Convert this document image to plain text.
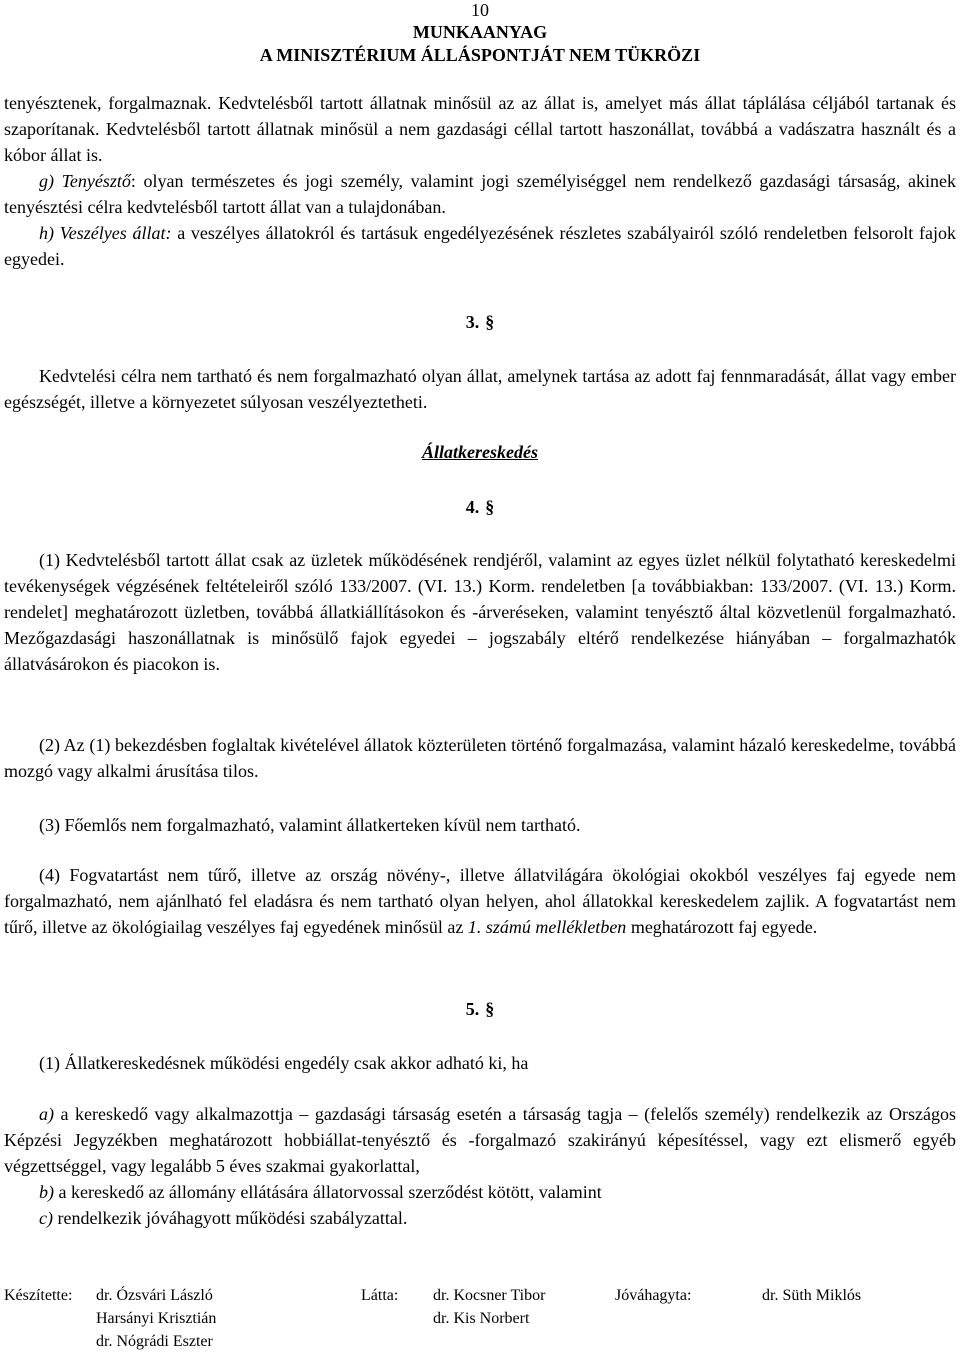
10
MUNKAANYAG
A MINISZTÉRIUM ÁLLÁSPONTJÁT NEM TÜKRÖZI

tenyésztenek, forgalmaznak. Kedvtelésből tartott állatnak minősül az az állat is, amelyet más állat táplálása céljából tartanak és szaporítanak. Kedvtelésből tartott állatnak minősül a nem gazdasági céllal tartott haszonállat, továbbá a vadászatra használt és a kóbor állat is.

g) Tenyésztő: olyan természetes és jogi személy, valamint jogi személyiséggel nem rendelkező gazdasági társaság, akinek tenyésztési célra kedvtelésből tartott állat van a tulajdonában.

h) Veszélyes állat: a veszélyes állatokról és tartásuk engedélyezésének részletes szabályairól szóló rendeletben felsorolt fajok egyedei.

3. §

Kedvtelési célra nem tartható és nem forgalmazható olyan állat, amelynek tartása az adott faj fennmaradását, állat vagy ember egészségét, illetve a környezetet súlyosan veszélyeztetheti.

Állatkereskedés
4. §

(1) Kedvtelésből tartott állat csak az üzletek működésének rendjéről, valamint az egyes üzlet nélkül folytatható kereskedelmi tevékenységek végzésének feltételeiről szóló 133/2007. (VI. 13.) Korm. rendeletben [a továbbiakban: 133/2007. (VI. 13.) Korm. rendelet] meghatározott üzletben, továbbá állatkiállításokon és -árveréseken, valamint tenyésztő által közvetlenül forgalmazható. Mezőgazdasági haszonállatnak is minősülő fajok egyedei – jogszabály eltérő rendelkezése hiányában – forgalmazhatók állatvásárokon és piacokon is.

(2) Az (1) bekezdésben foglaltak kivételével állatok közterületen történő forgalmazása, valamint házaló kereskedelme, továbbá mozgó vagy alkalmi árusítása tilos.

(3) Főemlős nem forgalmazható, valamint állatkerteken kívül nem tartható.

(4) Fogvatartást nem tűrő, illetve az ország növény-, illetve állatvilágára ökológiai okokból veszélyes faj egyede nem forgalmazható, nem ajánlható fel eladásra és nem tartható olyan helyen, ahol állatokkal kereskedelem zajlik. A fogvatartást nem tűrő, illetve az ökológiailag veszélyes faj egyedének minősül az 1. számú mellékletben meghatározott faj egyede.

5. §

(1) Állatkereskedésnek működési engedély csak akkor adható ki, ha

a) a kereskedő vagy alkalmazottja – gazdasági társaság esetén a társaság tagja – (felelős személy) rendelkezik az Országos Képzési Jegyzékben meghatározott hobbiállat-tenyésztő és -forgalmazó szakirányú képesítéssel, vagy ezt elismerő egyéb végzettséggel, vagy legalább 5 éves szakmai gyakorlattal,

b) a kereskedő az állomány ellátására állatorvossal szerződést kötött, valamint

c) rendelkezik jóváhagyott működési szabályzattal.

Készítette: dr. Ózsvári László
Harsányi Krisztián
dr. Nógrádi Eszter
Látta: dr. Kocsner Tibor
dr. Kis Norbert
Jóváhagyta:	dr. Süth Miklós
